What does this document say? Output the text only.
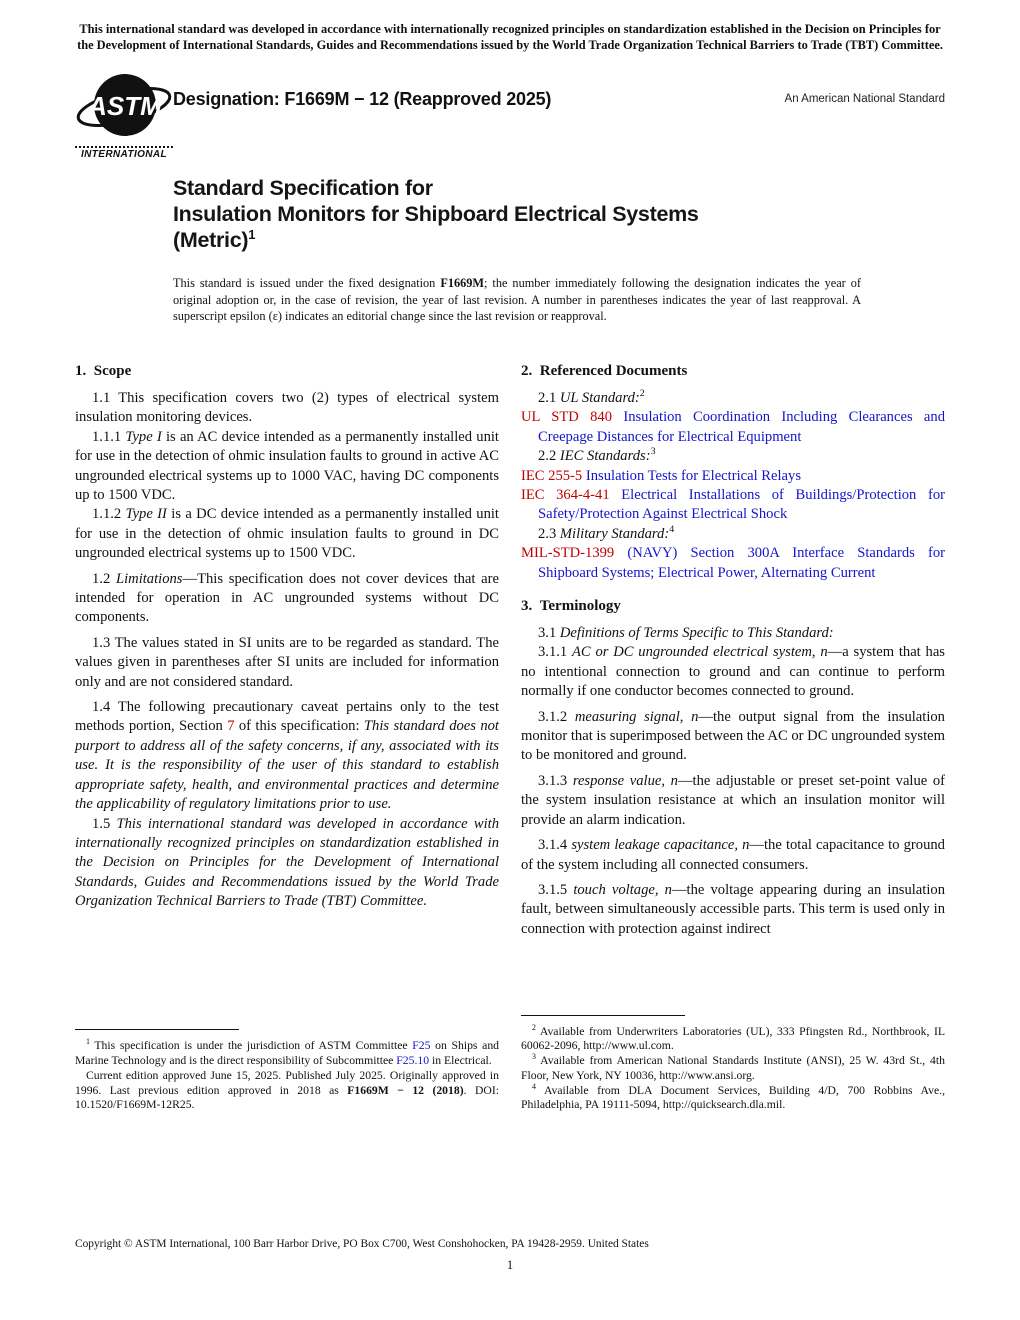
This international standard was developed in accordance with internationally recognized principles on standardization established in the Decision on Principles for the Development of International Standards, Guides and Recommendations issued by the World Trade Organization Technical Barriers to Trade (TBT) Committee.

ASTM
INTERNATIONAL
Designation: F1669M − 12 (Reapproved 2025)	An American National Standard
Standard Specification for
Insulation Monitors for Shipboard Electrical Systems
(Metric)$^1$

This standard is issued under the fixed designation F1669M; the number immediately following the designation indicates the year of original adoption or, in the case of revision, the year of last revision. A number in parentheses indicates the year of last reapproval. A superscript epsilon (ε) indicates an editorial change since the last revision or reapproval.

1. Scope

1.1 This specification covers two (2) types of electrical system insulation monitoring devices.

1.1.1 Type I is an AC device intended as a permanently installed unit for use in the detection of ohmic insulation faults to ground in active AC ungrounded electrical systems up to 1000 VAC, having DC components up to 1500 VDC.

1.1.2 Type II is a DC device intended as a permanently installed unit for use in the detection of ohmic insulation faults to ground in DC ungrounded electrical systems up to 1500 VDC.

1.2 Limitations—This specification does not cover devices that are intended for operation in AC ungrounded systems without DC components.

1.3 The values stated in SI units are to be regarded as standard. The values given in parentheses after SI units are included for information only and are not considered standard.

1.4 The following precautionary caveat pertains only to the test methods portion, Section 7 of this specification: This standard does not purport to address all of the safety concerns, if any, associated with its use. It is the responsibility of the user of this standard to establish appropriate safety, health, and environmental practices and determine the applicability of regulatory limitations prior to use.

1.5 This international standard was developed in accordance with internationally recognized principles on standardization established in the Decision on Principles for the Development of International Standards, Guides and Recommendations issued by the World Trade Organization Technical Barriers to Trade (TBT) Committee.

$^1$ This specification is under the jurisdiction of ASTM Committee F25 on Ships and Marine Technology and is the direct responsibility of Subcommittee F25.10 in Electrical.

Current edition approved June 15, 2025. Published July 2025. Originally approved in 1996. Last previous edition approved in 2018 as F1669M − 12 (2018). DOI: 10.1520/F1669M-12R25.

2. Referenced Documents

2.1 UL Standard:$^2$

UL STD 840 Insulation Coordination Including Clearances and Creepage Distances for Electrical Equipment

2.2 IEC Standards:$^3$

IEC 255-5 Insulation Tests for Electrical Relays

IEC 364-4-41 Electrical Installations of Buildings/Protection for Safety/Protection Against Electrical Shock

2.3 Military Standard:$^4$

MIL-STD-1399 (NAVY) Section 300A Interface Standards for Shipboard Systems; Electrical Power, Alternating Current

3. Terminology

3.1 Definitions of Terms Specific to This Standard:

3.1.1 AC or DC ungrounded electrical system, n—a system that has no intentional connection to ground and can continue to perform normally if one conductor becomes connected to ground.

3.1.2 measuring signal, n—the output signal from the insulation monitor that is superimposed between the AC or DC ungrounded system to be monitored and ground.

3.1.3 response value, n—the adjustable or preset set-point value of the system insulation resistance at which an insulation monitor will provide an alarm indication.

3.1.4 system leakage capacitance, n—the total capacitance to ground of the system including all connected consumers.

3.1.5 touch voltage, n—the voltage appearing during an insulation fault, between simultaneously accessible parts. This term is used only in connection with protection against indirect

$^2$ Available from Underwriters Laboratories (UL), 333 Pfingsten Rd., Northbrook, IL 60062-2096, http://www.ul.com.

$^3$ Available from American National Standards Institute (ANSI), 25 W. 43rd St., 4th Floor, New York, NY 10036, http://www.ansi.org.

$^4$ Available from DLA Document Services, Building 4/D, 700 Robbins Ave., Philadelphia, PA 19111-5094, http://quicksearch.dla.mil.

Copyright © ASTM International, 100 Barr Harbor Drive, PO Box C700, West Conshohocken, PA 19428-2959. United States
1
